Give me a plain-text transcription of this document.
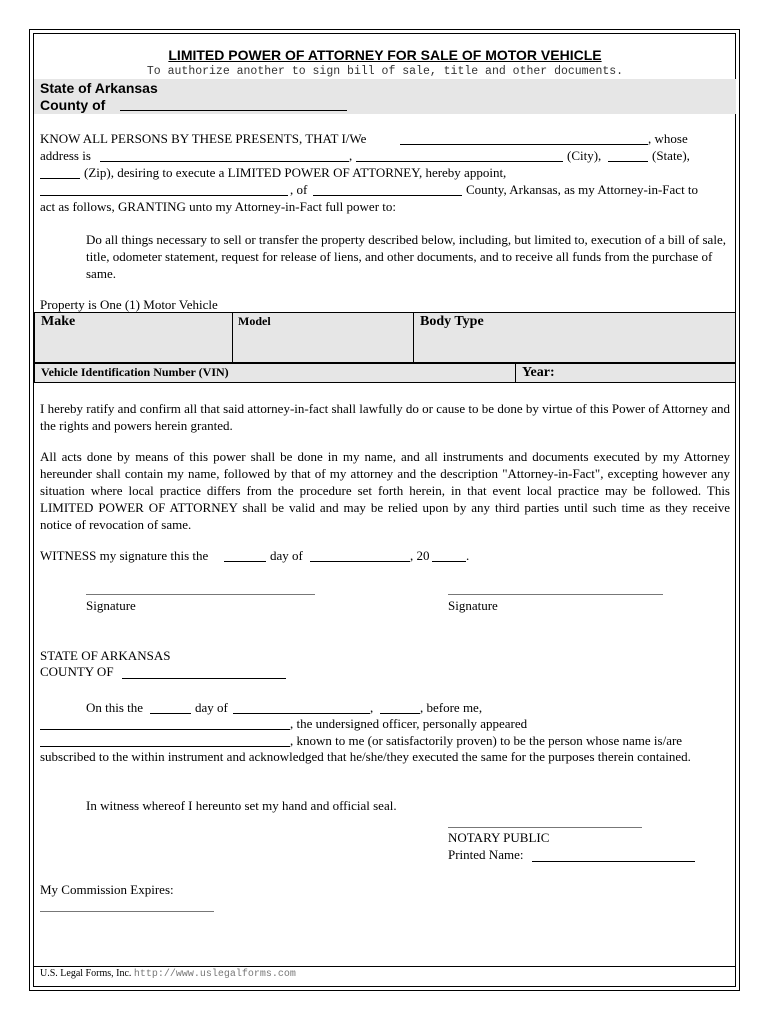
LIMITED POWER OF ATTORNEY FOR SALE OF MOTOR VEHICLE
To authorize another to sign bill of sale, title and other documents.
State of Arkansas
County of
KNOW ALL PERSONS BY THESE PRESENTS, THAT I/We	, whose
address is	,	(City),	(State),
(Zip), desiring to execute a LIMITED POWER OF ATTORNEY, hereby appoint,
, of	County, Arkansas, as my Attorney-in-Fact to
act as follows, GRANTING unto my Attorney-in-Fact full power to:
Do all things necessary to sell or transfer the property described below, including, but limited to, execution of a bill of sale, title, odometer statement, request for release of liens, and other documents, and to receive all funds from the purchase of same.
Property is One (1) Motor Vehicle
Make	Model	Body Type
Vehicle Identification Number (VIN)	Year:
I hereby ratify and confirm all that said attorney-in-fact shall lawfully do or cause to be done by virtue of this Power of Attorney and the rights and powers herein granted.
All acts done by means of this power shall be done in my name, and all instruments and documents executed by my Attorney hereunder shall contain my name, followed by that of my attorney and the description "Attorney-in-Fact", excepting however any situation where local practice differs from the procedure set forth herein, in that event local practice may be followed. This LIMITED POWER OF ATTORNEY shall be valid and may be relied upon by any third parties until such time as they receive notice of revocation of same.
WITNESS my signature this the	day of	, 20	.
Signature	Signature
STATE OF ARKANSAS
COUNTY OF
On this the	day of	,	, before me,
, the undersigned officer, personally appeared
, known to me (or satisfactorily proven) to be the person whose name is/are
subscribed to the within instrument and acknowledged that he/she/they executed the same for the purposes therein contained.
In witness whereof I hereunto set my hand and official seal.
NOTARY PUBLIC
Printed Name:
My Commission Expires:
U.S. Legal Forms, Inc. http://www.uslegalforms.com
